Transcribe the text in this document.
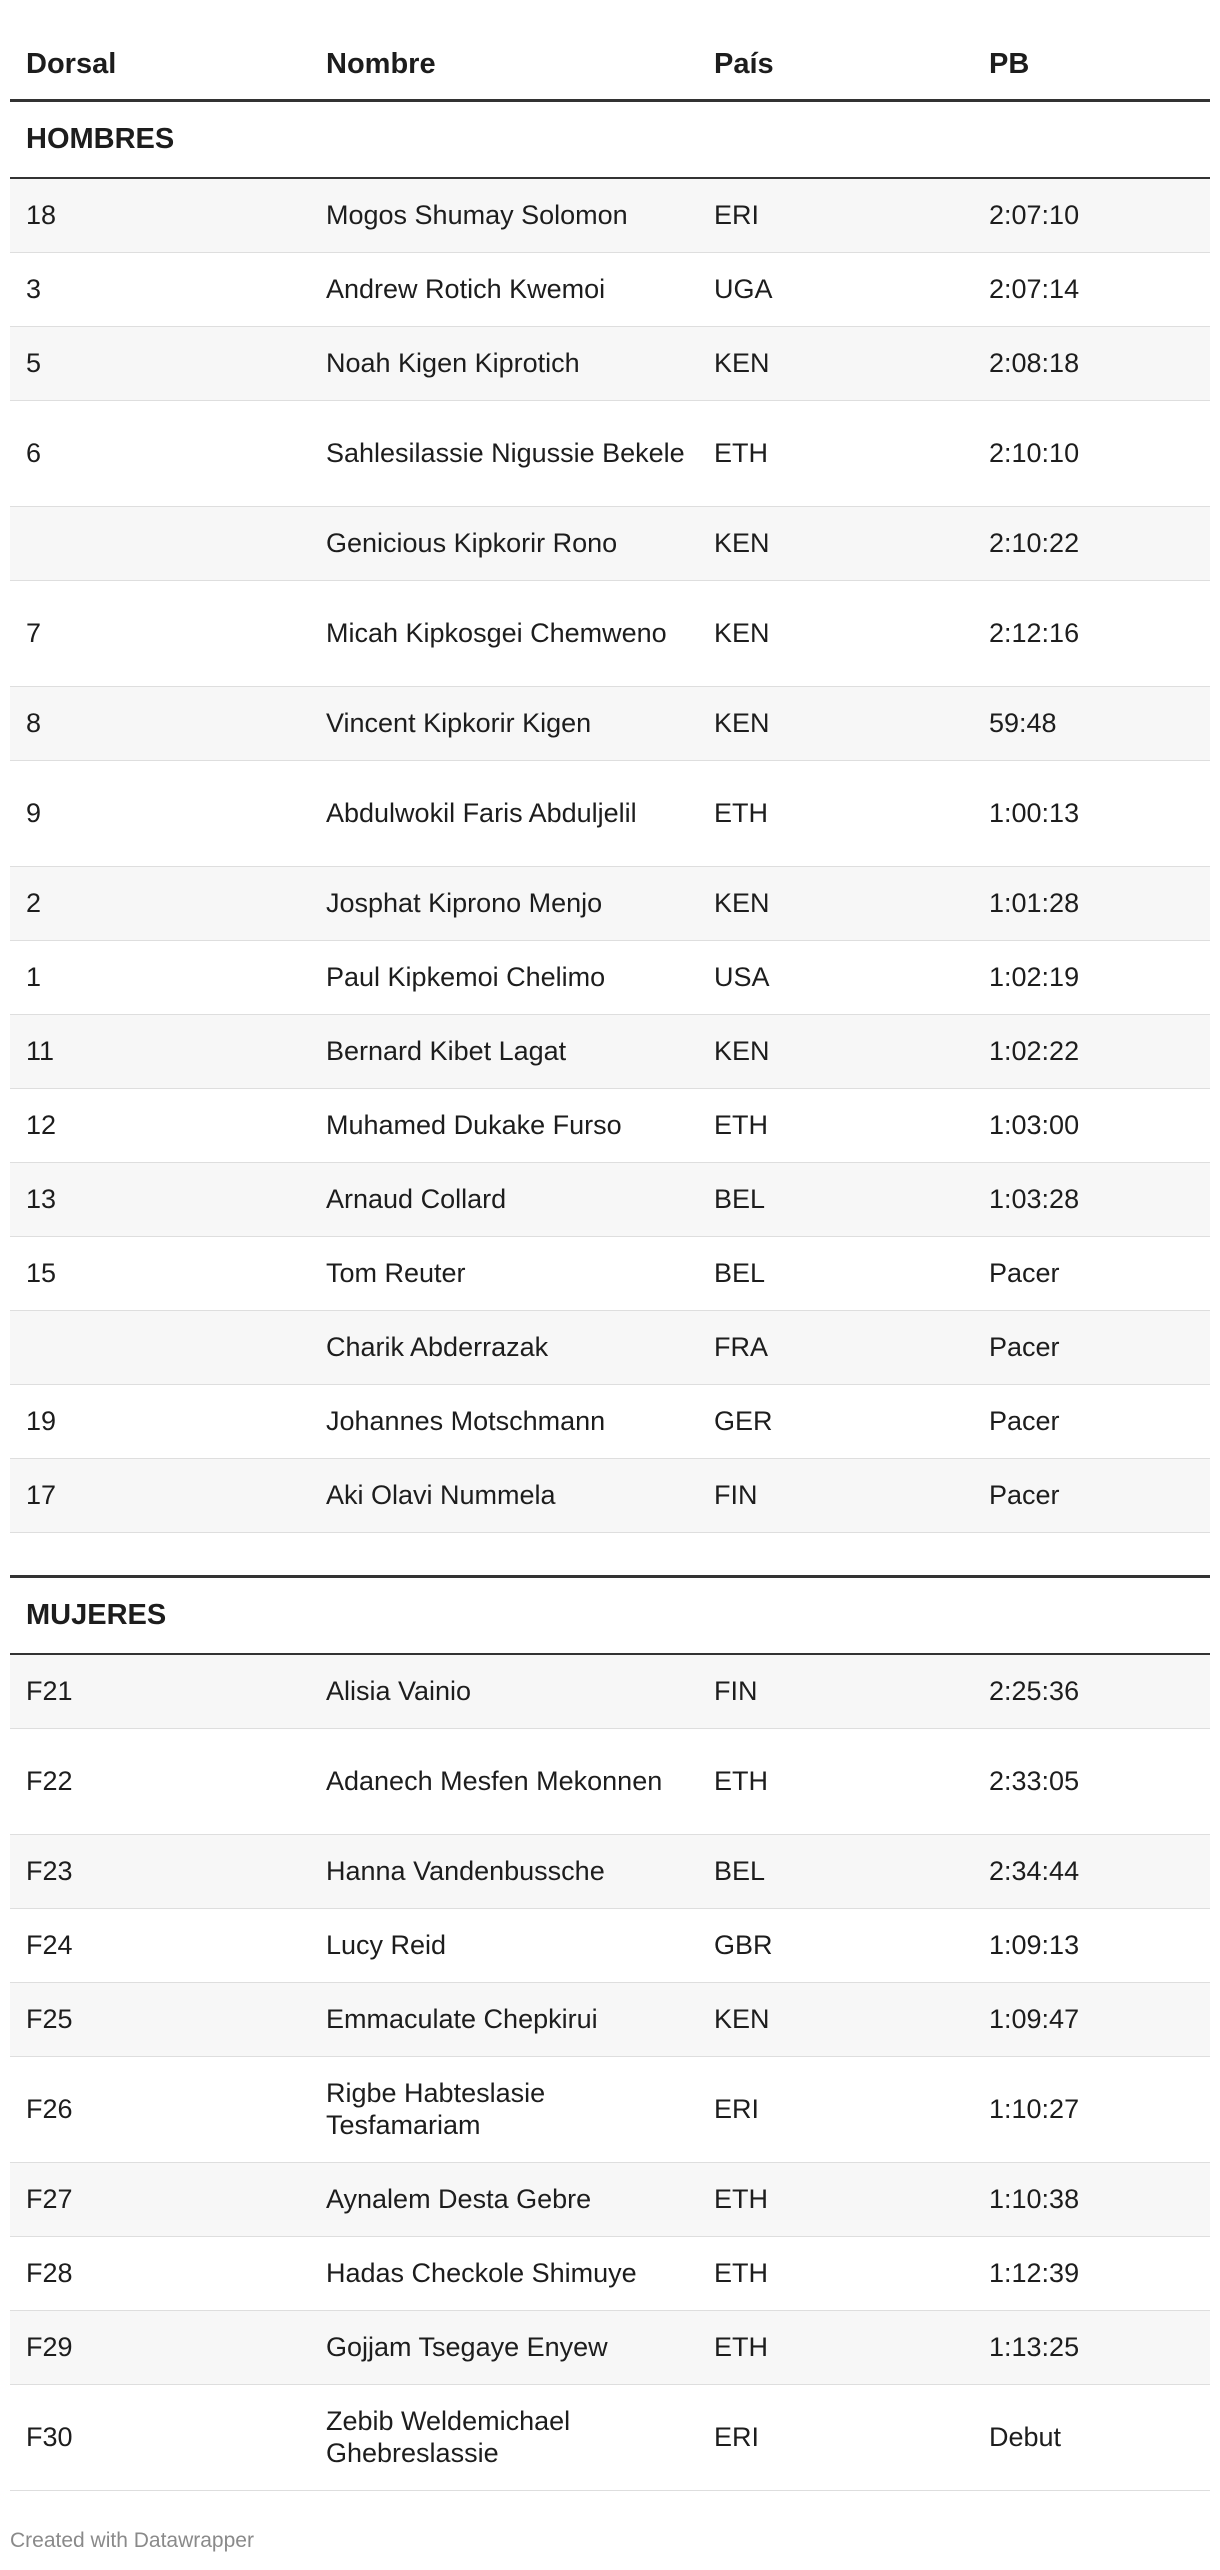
Dorsal	Nombre	País	PB
HOMBRES			
18	Mogos Shumay Solomon	ERI	2:07:10
3	Andrew Rotich Kwemoi	UGA	2:07:14
5	Noah Kigen Kiprotich	KEN	2:08:18
6	Sahlesilassie Nigussie Bekele	ETH	2:10:10
	Genicious Kipkorir Rono	KEN	2:10:22
7	Micah Kipkosgei Chemweno	KEN	2:12:16
8	Vincent Kipkorir Kigen	KEN	59:48
9	Abdulwokil Faris Abduljelil	ETH	1:00:13
2	Josphat Kiprono Menjo	KEN	1:01:28
1	Paul Kipkemoi Chelimo	USA	1:02:19
11	Bernard Kibet Lagat	KEN	1:02:22
12	Muhamed Dukake Furso	ETH	1:03:00
13	Arnaud Collard	BEL	1:03:28
15	Tom Reuter	BEL	Pacer
	Charik Abderrazak	FRA	Pacer
19	Johannes Motschmann	GER	Pacer
17	Aki Olavi Nummela	FIN	Pacer

MUJERES			
F21	Alisia Vainio	FIN	2:25:36
F22	Adanech Mesfen Mekonnen	ETH	2:33:05
F23	Hanna Vandenbussche	BEL	2:34:44
F24	Lucy Reid	GBR	1:09:13
F25	Emmaculate Chepkirui	KEN	1:09:47
F26	Rigbe Habteslasie Tesfamariam	ERI	1:10:27
F27	Aynalem Desta Gebre	ETH	1:10:38
F28	Hadas Checkole Shimuye	ETH	1:12:39
F29	Gojjam Tsegaye Enyew	ETH	1:13:25
F30	Zebib Weldemichael Ghebreslassie	ERI	Debut
Created with Datawrapper
